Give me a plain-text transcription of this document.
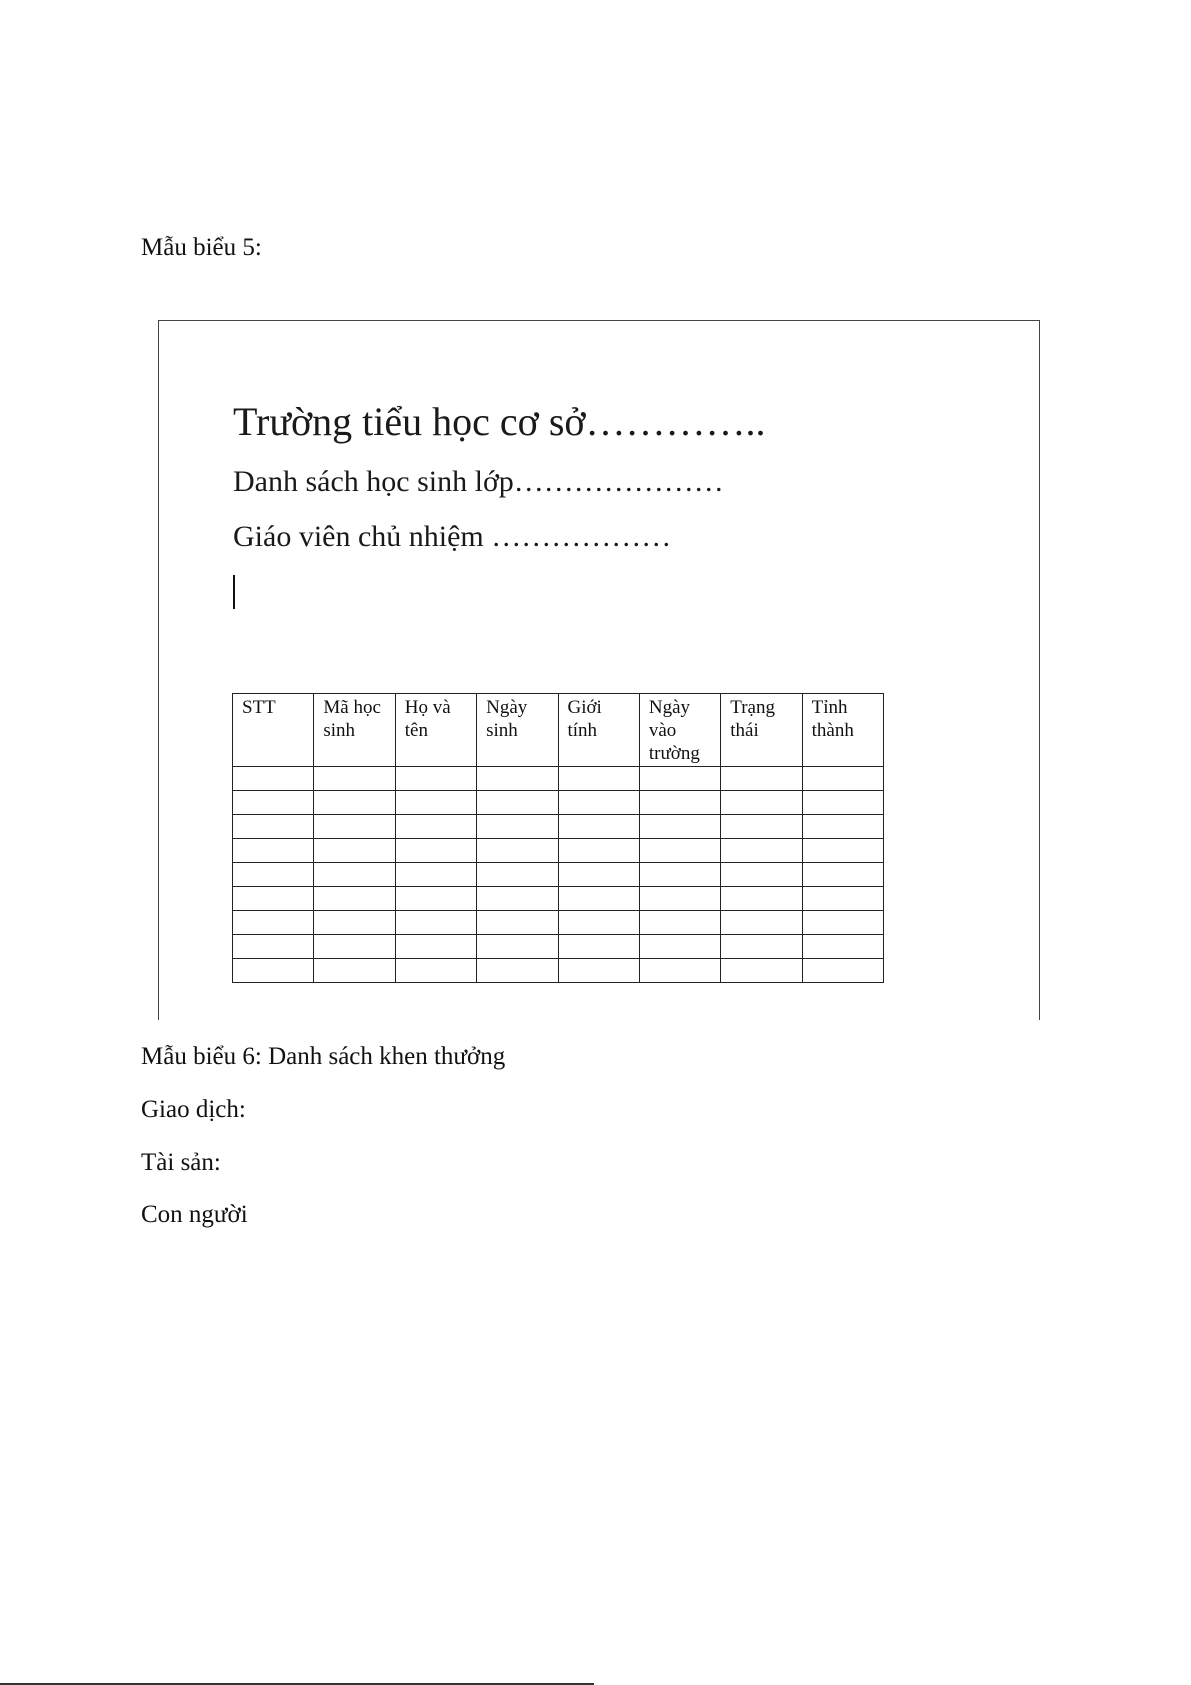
Mẫu biểu 5:
Trường tiểu học cơ sở…………..
Danh sách học sinh lớp…………………
Giáo viên chủ nhiệm ………………
STT	Mã học sinh	Họ và tên	Ngày sinh	Giới tính	Ngày vào trường	Trạng thái	Tỉnh thành

Mẫu biểu 6: Danh sách khen thưởng
Giao dịch:
Tài sản:
Con người
